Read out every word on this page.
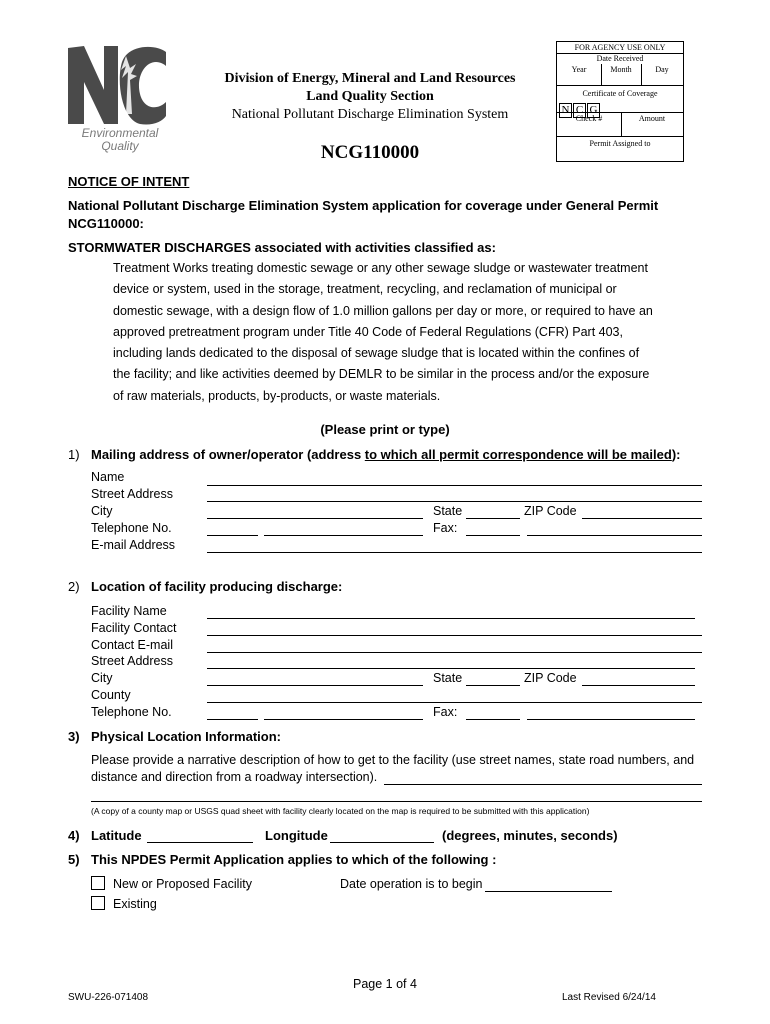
Environmental
Quality
Division of Energy, Mineral and Land Resources
Land Quality Section
National Pollutant Discharge Elimination System
NCG110000
FOR AGENCY USE ONLY
Date Received
Year	Month	Day
Certificate of Coverage
N C G
Check #	Amount
Permit Assigned to
NOTICE OF INTENT
National Pollutant Discharge Elimination System application for coverage under General Permit
NCG110000:
STORMWATER DISCHARGES associated with activities classified as:
Treatment Works treating domestic sewage or any other sewage sludge or wastewater treatment
device or system, used in the storage, treatment, recycling, and reclamation of municipal or
domestic sewage, with a design flow of 1.0 million gallons per day or more, or required to have an
approved pretreatment program under Title 40 Code of Federal Regulations (CFR) Part 403,
including lands dedicated to the disposal of sewage sludge that is located within the confines of
the facility; and like activities deemed by DEMLR to be similar in the process and/or the exposure
of raw materials, products, by-products, or waste materials.
(Please print or type)
1) Mailing address of owner/operator (address to which all permit correspondence will be mailed):
Name
Street Address
City	State	ZIP Code
Telephone No.	Fax:
E-mail Address
2) Location of facility producing discharge:
Facility Name
Facility Contact
Contact E-mail
Street Address
City	State	ZIP Code
County
Telephone No.	Fax:
3) Physical Location Information:
Please provide a narrative description of how to get to the facility (use street names, state road numbers, and
distance and direction from a roadway intersection).
(A copy of a county map or USGS quad sheet with facility clearly located on the map is required to be submitted with this application)
4) Latitude	Longitude	(degrees, minutes, seconds)
5) This NPDES Permit Application applies to which of the following :
New or Proposed Facility	Date operation is to begin
Existing
Page 1 of 4
SWU-226-071408	Last Revised 6/24/14
